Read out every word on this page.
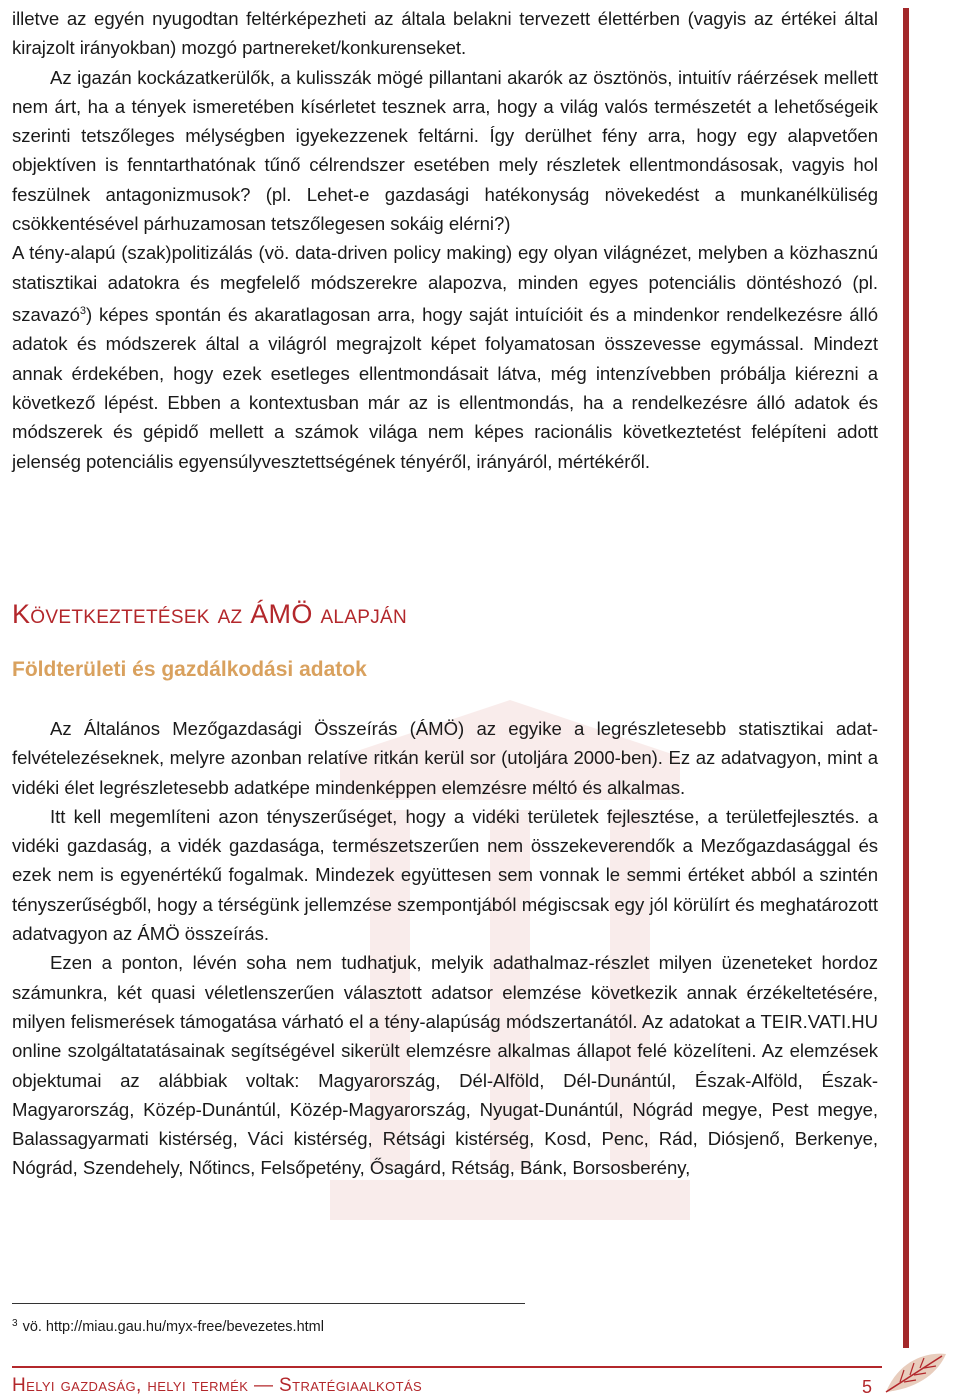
illetve az egyén nyugodtan feltérképezheti az általa belakni tervezett élettérben (vagyis az értékei által kirajzolt irányokban) mozgó partnereket/konkurenseket.

Az igazán kockázatkerülők, a kulisszák mögé pillantani akarók az ösztönös, intuitív ráérzések mellett nem árt, ha a tények ismeretében kísérletet tesznek arra, hogy a világ valós természetét a lehetőségeik szerinti tetszőleges mélységben igyekezzenek feltárni. Így derülhet fény arra, hogy egy alapvetően objektíven is fenntarthatónak tűnő célrendszer esetében mely részletek ellentmondásosak, vagyis hol feszülnek antagonizmusok? (pl. Lehet-e gazdasági hatékonyság növekedést a munkanélküliség csökkentésével párhuzamosan tetszőlegesen sokáig elérni?)

A tény-alapú (szak)politizálás (vö. data-driven policy making) egy olyan világnézet, melyben a közhasznú statisztikai adatokra és megfelelő módszerekre alapozva, minden egyes potenciális döntéshozó (pl. szavazó$^3$) képes spontán és akaratlagosan arra, hogy saját intuícióit és a mindenkor rendelkezésre álló adatok és módszerek által a világról megrajzolt képet folyamatosan összevesse egymással. Mindezt annak érdekében, hogy ezek esetleges ellentmondásait látva, még intenzívebben próbálja kiérezni a következő lépést. Ebben a kontextusban már az is ellentmondás, ha a rendelkezésre álló adatok és módszerek és gépidő mellett a számok világa nem képes racionális következtetést felépíteni adott jelenség potenciális egyensúlyvesztettségének tényéről, irányáról, mértékéről.

Következtetések az ÁMÖ alapján
Földterületi és gazdálkodási adatok

Az Általános Mezőgazdasági Összeírás (ÁMÖ) az egyike a legrészletesebb statisztikai adat-felvételezéseknek, melyre azonban relatíve ritkán kerül sor (utoljára 2000-ben). Ez az adatvagyon, mint a vidéki élet legrészletesebb adatképe mindenképpen elemzésre méltó és alkalmas.

Itt kell megemlíteni azon tényszerűséget, hogy a vidéki területek fejlesztése, a területfejlesztés. a vidéki gazdaság, a vidék gazdasága, természetszerűen nem összekeverendők a Mezőgazdasággal és ezek nem is egyenértékű fogalmak. Mindezek együttesen sem vonnak le semmi értéket abból a szintén tényszerűségből, hogy a térségünk jellemzése szempontjából mégiscsak egy jól körülírt és meghatározott adatvagyon az ÁMÖ összeírás.

Ezen a ponton, lévén soha nem tudhatjuk, melyik adathalmaz-részlet milyen üzeneteket hordoz számunkra, két quasi véletlenszerűen választott adatsor elemzése következik annak érzékeltetésére, milyen felismerések támogatása várható el a tény-alapúság módszertanától. Az adatokat a TEIR.VATI.HU online szolgáltatatásainak segítségével sikerült elemzésre alkalmas állapot felé közelíteni. Az elemzések objektumai az alábbiak voltak: Magyarország, Dél-Alföld, Dél-Dunántúl, Észak-Alföld, Észak-Magyarország, Közép-Dunántúl, Közép-Magyarország, Nyugat-Dunántúl, Nógrád megye, Pest megye, Balassagyarmati kistérség, Váci kistérség, Rétsági kistérség, Kosd, Penc, Rád, Diósjenő, Berkenye, Nógrád, Szendehely, Nőtincs, Felsőpetény, Ősagárd, Rétság, Bánk, Borsosberény,

$^3$ vö. http://miau.gau.hu/myx-free/bevezetes.html
Helyi gazdaság, helyi termék — Stratégiaalkotás	5
